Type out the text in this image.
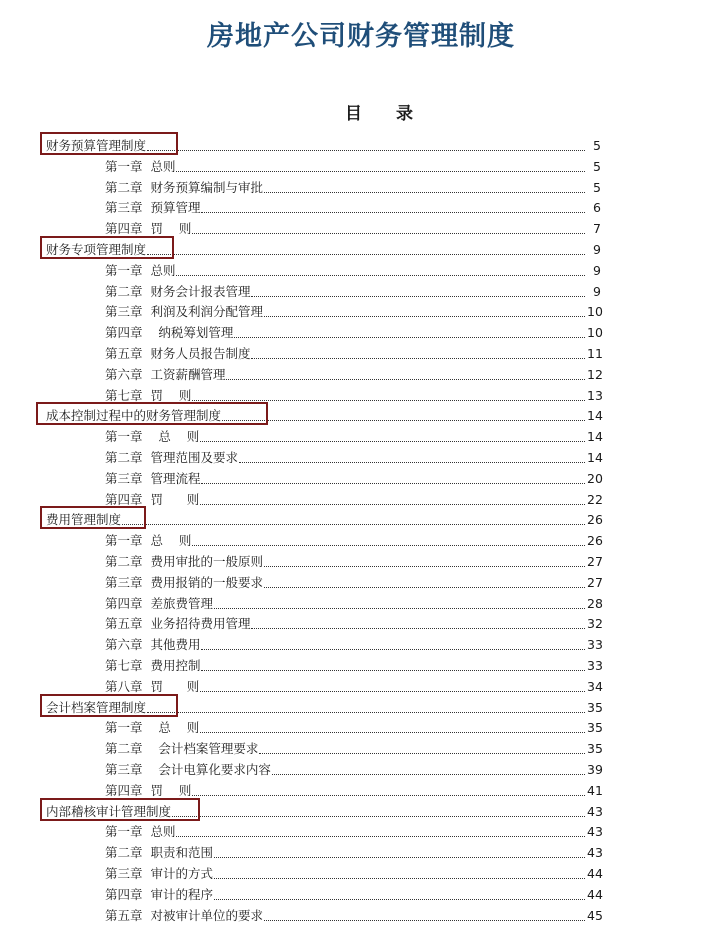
房地产公司财务管理制度
目 录
财务预算管理制度	5
第一章  总则	5
第二章  财务预算编制与审批	5
第三章  预算管理	6
第四章  罚    则	7
财务专项管理制度	9
第一章  总则	9
第二章  财务会计报表管理	9
第三章  利润及利润分配管理	10
第四章    纳税筹划管理	10
第五章  财务人员报告制度	11
第六章  工资薪酬管理	12
第七章  罚    则	13
成本控制过程中的财务管理制度	14
第一章    总    则	14
第二章  管理范围及要求	14
第三章  管理流程	20
第四章  罚      则	22
费用管理制度	26
第一章  总    则	26
第二章  费用审批的一般原则	27
第三章  费用报销的一般要求	27
第四章  差旅费管理	28
第五章  业务招待费用管理	32
第六章  其他费用	33
第七章  费用控制	33
第八章  罚      则	34
会计档案管理制度	35
第一章    总    则	35
第二章    会计档案管理要求	35
第三章    会计电算化要求内容	39
第四章  罚    则	41
内部稽核审计管理制度	43
第一章  总则	43
第二章  职责和范围	43
第三章  审计的方式	44
第四章  审计的程序	44
第五章  对被审计单位的要求	45
